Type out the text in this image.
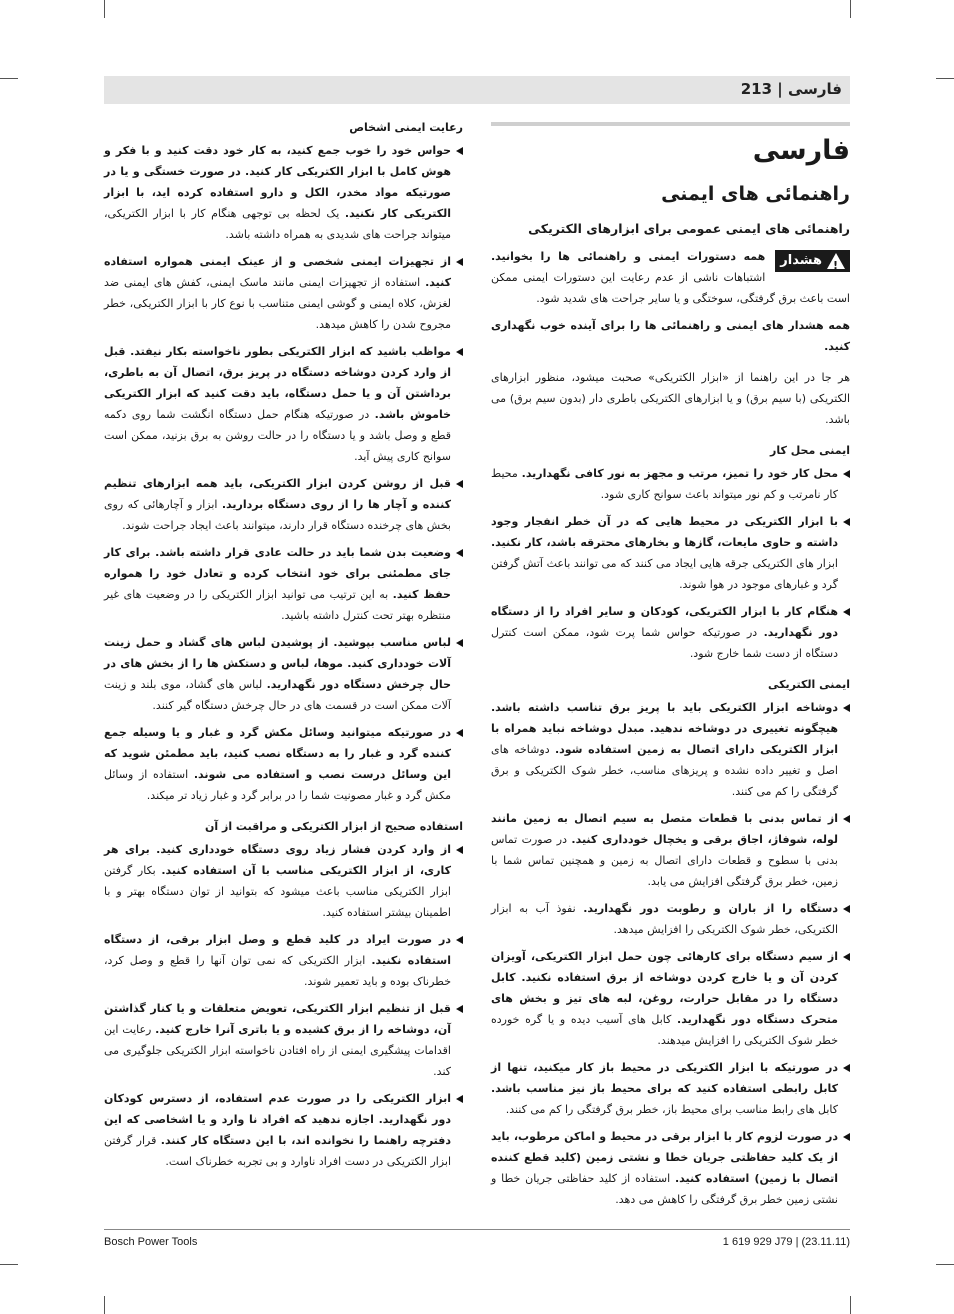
فارسی | 213
فارسی
راهنمائی های ایمنی
راهنمائی های ایمنی عمومی برای ابزارهای الکتریکی
!
هشدار
همه دستورات ایمنی و راهنمائی ها را بخوانید. اشتباهات ناشی از عدم رعایت این دستورات ایمنی ممکن است باعث برق گرفتگی، سوختگی و یا سایر جراحت های شدید شود.

همه هشدار های ایمنی و راهنمائی ها را برای آینده خوب نگهداری کنید.

هر جا در این راهنما از «ابزار الکتریکی» صحبت میشود، منظور ابزارهای الکتریکی (با سیم برق) و یا ابزارهای الکتریکی باطری دار (بدون سیم برق) می باشد.

ایمنی محل کار
محل کار خود را تمیز، مرتب و مجهز به نور کافی نگهدارید. محیط کار نامرتب و کم نور میتواند باعث سوانح کاری شود.
با ابزار الکتریکی در محیط هایی که در آن خطر انفجار وجود داشته و حاوی مایعات، گازها و بخارهای محترقه باشد، کار نکنید. ابزار های الکتریکی جرقه هایی ایجاد می کنند که می توانند باعث آتش گرفتن گرد و غبارهای موجود در هوا شوند.
هنگام کار با ابزار الکتریکی، کودکان و سایر افراد را از دستگاه دور نگهدارید. در صورتیکه حواس شما پرت شود، ممکن است کنترل دستگاه از دست شما خارج شود.
ایمنی الکتریکی
دوشاخه ابزار الکتریکی باید با پریز برق تناسب داشته باشد. هیچگونه تغییری در دوشاخه ندهید. مبدل دوشاخه نباید همراه با ابزار الکتریکی دارای اتصال به زمین استفاده شود. دوشاخه های اصل و تغییر داده نشده و پریزهای مناسب، خطر شوک الکتریکی و برق گرفتگی را کم می کنند.
از تماس بدنی با قطعات متصل به سیم اتصال به زمین مانند لوله، شوفاژ، اجاق برقی و یخچال خودداری کنید. در صورت تماس بدنی با سطوح و قطعات دارای اتصال به زمین و همچنین تماس شما با زمین، خطر برق گرفتگی افزایش می یابد.
دستگاه را از باران و رطوبت دور نگهدارید. نفوذ آب به ابزار الکتریکی، خطر شوک الکتریکی را افزایش میدهد.
از سیم دستگاه برای کارهائی چون حمل ابزار الکتریکی، آویزان کردن آن و یا خارج کردن دوشاخه از برق استفاده نکنید. کابل دستگاه را در مقابل حرارت، روغن، لبه های تیز و بخش های متحرک دستگاه دور نگهدارید. کابل های آسیب دیده و یا گره خورده خطر شوک الکتریکی را افزایش میدهند.
در صورتیکه با ابزار الکتریکی در محیط باز کار میکنید، تنها از کابل رابطی استفاده کنید که برای محیط باز نیز مناسب باشد. کابل های رابط مناسب برای محیط باز، خطر برق گرفتگی را کم می کنند.
در صورت لزوم کار با ابزار برقی در محیط و اماکن مرطوب، باید از یک کلید حفاظتی جریان خطا و نشتی زمین (کلید قطع کننده اتصال با زمین) استفاده کنید. استفاده از کلید حفاظتی جریان خطا و نشتی زمین خطر برق گرفتگی را کاهش می دهد.
رعایت ایمنی اشخاص
حواس خود را خوب جمع کنید، به کار خود دقت کنید و با فکر و هوش کامل با ابزار الکتریکی کار کنید. در صورت خستگی و یا در صورتیکه مواد مخدر، الکل و دارو استفاده کرده اید، با ابزار الکتریکی کار نکنید. یک لحظه بی توجهی هنگام کار با ابزار الکتریکی، میتواند جراحت های شدیدی به همراه داشته باشد.
از تجهیزات ایمنی شخصی و از عینک ایمنی همواره استفاده کنید. استفاده از تجهیزات ایمنی مانند ماسک ایمنی، کفش های ایمنی ضد لغزش، کلاه ایمنی و گوشی ایمنی متناسب با نوع کار با ابزار الکتریکی، خطر مجروح شدن را کاهش میدهد.
مواظب باشید که ابزار الکتریکی بطور ناخواسته بکار نیفتد. قبل از وارد کردن دوشاخه دستگاه در پریز برق، اتصال آن به باطری، برداشتن آن و یا حمل دستگاه، باید دقت کنید که ابزار الکتریکی خاموش باشد. در صورتیکه هنگام حمل دستگاه انگشت شما روی دکمه قطع و وصل باشد و یا دستگاه را در حالت روشن به برق بزنید، ممکن است سوانح کاری پیش آید.
قبل از روشن کردن ابزار الکتریکی، باید همه ابزارهای تنظیم کننده و آچار ها را از روی دستگاه بردارید. ابزار و آچارهائی که روی بخش های چرخنده دستگاه قرار دارند، میتوانند باعث ایجاد جراحت شوند.
وضعیت بدن شما باید در حالت عادی قرار داشته باشد. برای کار جای مطمئنی برای خود انتخاب کرده و تعادل خود را همواره حفظ کنید. به این ترتیب می توانید ابزار الکتریکی را در وضعیت های غیر منتظره بهتر تحت کنترل داشته باشید.
لباس مناسب بپوشید. از پوشیدن لباس های گشاد و حمل زینت آلات خودداری کنید. موها، لباس و دستکش ها را از بخش های در حال چرخش دستگاه دور نگهدارید. لباس های گشاد، موی بلند و زینت آلات ممکن است در قسمت های در حال چرخش دستگاه گیر کنند.
در صورتیکه میتوانید وسائل مکش گرد و غبار و یا وسیله جمع کننده گرد و غبار را به دستگاه نصب کنید، باید مطمئن شوید که این وسائل درست نصب و استفاده می شوند. استفاده از وسائل مکش گرد و غبار مصونیت شما را در برابر گرد و غبار زیاد تر میکند.
استفاده صحیح از ابزار الکتریکی و مراقبت از آن
از وارد کردن فشار زیاد روی دستگاه خودداری کنید. برای هر کاری، از ابزار الکتریکی مناسب با آن استفاده کنید. بکار گرفتن ابزار الکتریکی مناسب باعث میشود که بتوانید از توان دستگاه بهتر و با اطمینان بیشتر استفاده کنید.
در صورت ایراد در کلید قطع و وصل ابزار برقی، از دستگاه استفاده نکنید. ابزار الکتریکی که نمی توان آنها را قطع و وصل کرد، خطرناک بوده و باید تعمیر شوند.
قبل از تنظیم ابزار الکتریکی، تعویض متعلقات و یا کنار گذاشتن آن، دوشاخه را از برق کشیده و یا باتری آنرا خارج کنید. رعایت این اقدامات پیشگیری ایمنی از راه افتادن ناخواسته ابزار الکتریکی جلوگیری می کند.
ابزار الکتریکی را در صورت عدم استفاده، از دسترس کودکان دور نگهدارید. اجازه ندهید که افراد نا وارد و یا اشخاصی که این دفترچه راهنما را نخوانده اند، با این دستگاه کار کنند. قرار گرفتن ابزار الکتریکی در دست افراد ناوارد و بی تجربه خطرناک است.
Bosch Power Tools	1 619 929 J79 | (23.11.11)
